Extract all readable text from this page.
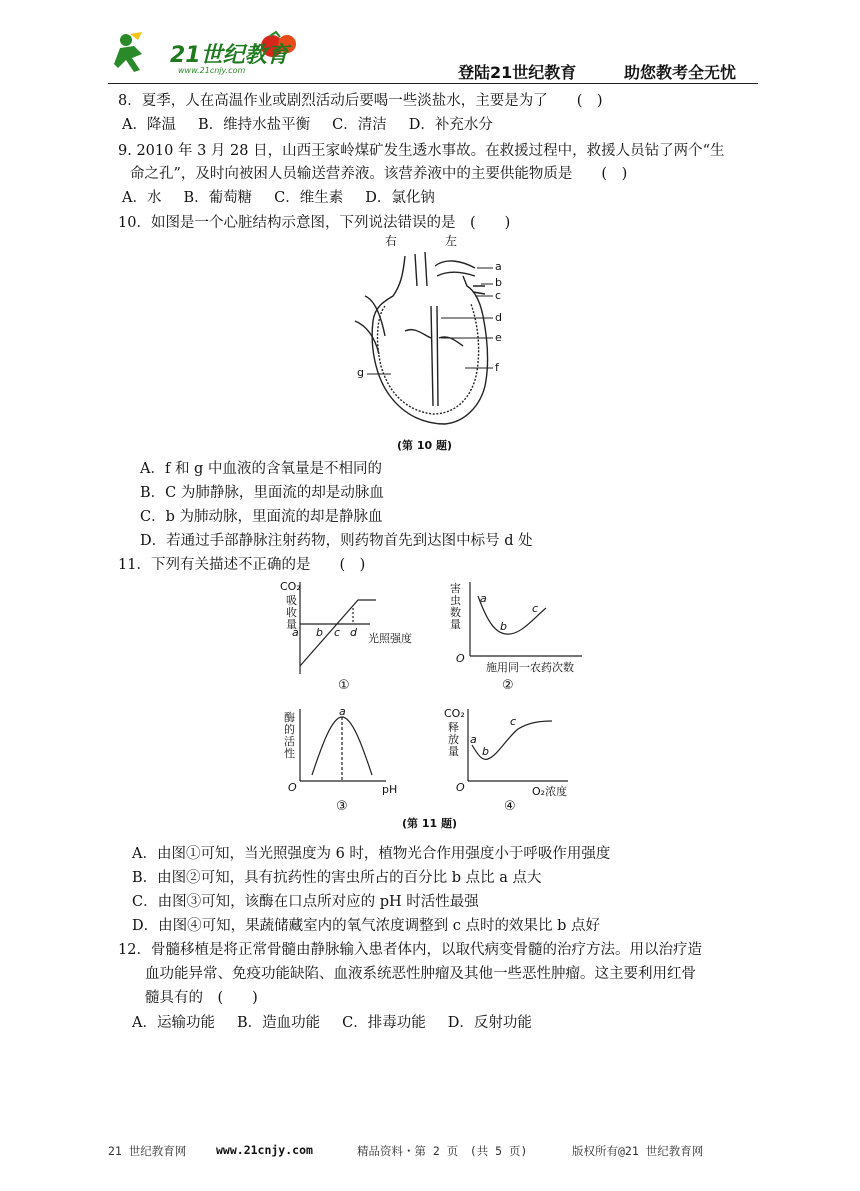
21世纪教育
www.21cnjy.com	登陆21世纪教育	助您教考全无忧
8．夏季，人在高温作业或剧烈活动后要喝一些淡盐水，主要是为了　　(　)
A．降温 B．维持水盐平衡 C．清洁 D．补充水分
9. 2010 年 3 月 28 日，山西王家岭煤矿发生透水事故。在救援过程中，救援人员钻了两个“生
命之孔”，及时向被困人员输送营养液。该营养液中的主要供能物质是　　(　)
A．水 B．葡萄糖 C．维生素 D．氯化钠
10．如图是一个心脏结构示意图，下列说法错误的是　(　　)
右	左
a
b
c
d
e
f
g
(第 10 题)
A．f 和 g 中血液的含氧量是不相同的
B．C 为肺静脉，里面流的却是动脉血
C．b 为肺动脉，里面流的却是静脉血
D．若通过手部静脉注射药物，则药物首先到达图中标号 d 处
11．下列有关描述不正确的是　　(　)
CO₂
吸
收
量
a b c d 光照强度
①
害
虫
数
量
a
b
c
O
施用同一农药次数
②
酶
的
活
性
a
O	pH
③
CO₂
释
放
量
a
b
c
O	O₂浓度
④
(第 11 题)
A．由图①可知，当光照强度为 6 时，植物光合作用强度小于呼吸作用强度
B．由图②可知，具有抗药性的害虫所占的百分比 b 点比 a 点大
C．由图③可知，该酶在口点所对应的 pH 时活性最强
D．由图④可知，果蔬储藏室内的氧气浓度调整到 c 点时的效果比 b 点好
12．骨髓移植是将正常骨髓由静脉输入患者体内，以取代病变骨髓的治疗方法。用以治疗造
血功能异常、免疫功能缺陷、血液系统恶性肿瘤及其他一些恶性肿瘤。这主要利用红骨
髓具有的　(　　)
A．运输功能 B．造血功能 C．排毒功能 D．反射功能
21 世纪教育网	www.21cnjy.com	精品资料・第 2 页　(共 5 页)	版权所有@21 世纪教育网
